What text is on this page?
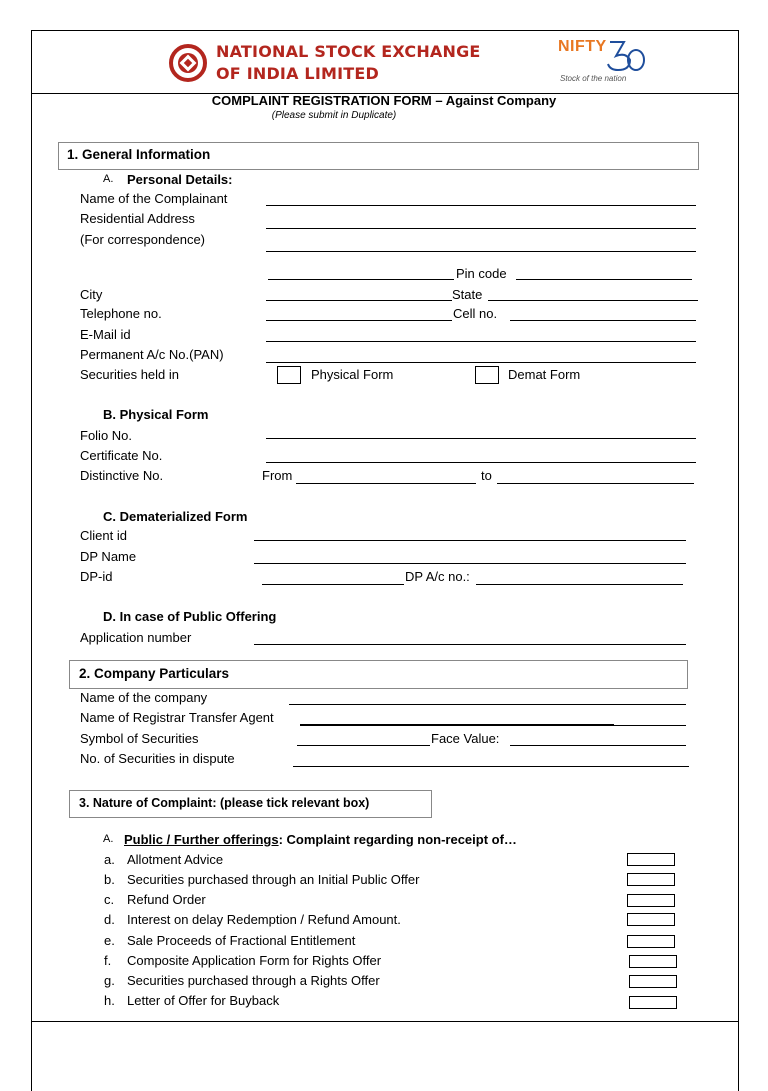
NATIONAL STOCK EXCHANGE
OF INDIA LIMITED
NIFTY
Stock of the nation
COMPLAINT REGISTRATION FORM – Against Company
(Please submit in Duplicate)
1. General Information
A. Personal Details:
Name of the Complainant
Residential Address
(For correspondence)
Pin code
City	State
Telephone no.	Cell no.
E-Mail id
Permanent A/c No.(PAN)
Securities held in	Physical Form	Demat Form
B. Physical Form
Folio No.
Certificate No.
Distinctive No.	From	to
C. Dematerialized Form
Client id
DP Name
DP-id	DP A/c no.:
D. In case of Public Offering
Application number
2. Company Particulars
Name of the company
Name of Registrar Transfer Agent
Symbol of Securities	Face Value:
No. of Securities in dispute
3. Nature of Complaint: (please tick relevant box)
A. Public / Further offerings: Complaint regarding non-receipt of…
a. Allotment Advice
b. Securities purchased through an Initial Public Offer
c. Refund Order
d. Interest on delay Redemption / Refund Amount.
e. Sale Proceeds of Fractional Entitlement
f. Composite Application Form for Rights Offer
g. Securities purchased through a Rights Offer
h. Letter of Offer for Buyback
